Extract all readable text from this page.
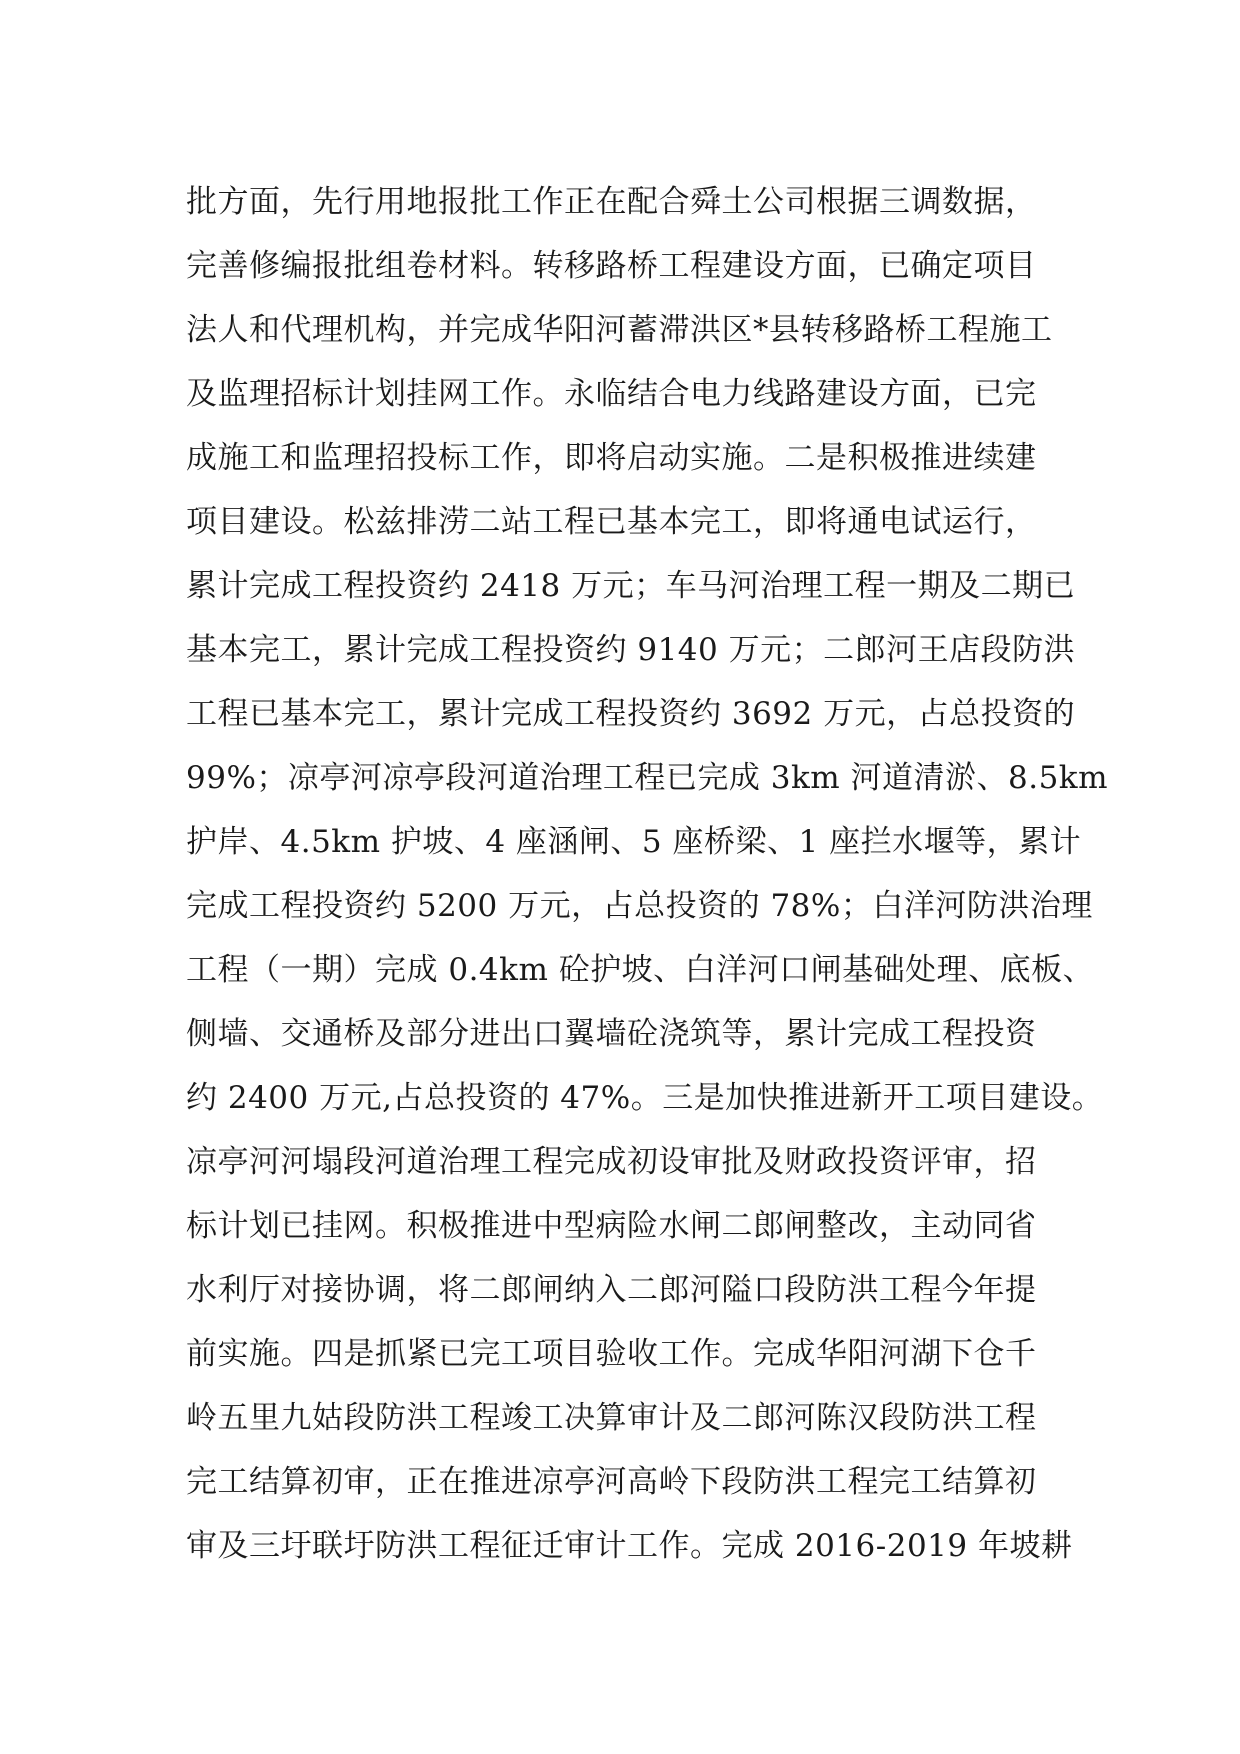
批方面，先行用地报批工作正在配合舜土公司根据三调数据，
完善修编报批组卷材料。转移路桥工程建设方面，已确定项目
法人和代理机构，并完成华阳河蓄滞洪区*县转移路桥工程施工
及监理招标计划挂网工作。永临结合电力线路建设方面，已完
成施工和监理招投标工作，即将启动实施。二是积极推进续建
项目建设。松兹排涝二站工程已基本完工，即将通电试运行，
累计完成工程投资约 2418 万元；车马河治理工程一期及二期已
基本完工，累计完成工程投资约 9140 万元；二郎河王店段防洪
工程已基本完工，累计完成工程投资约 3692 万元，占总投资的
99%；凉亭河凉亭段河道治理工程已完成 3km 河道清淤、8.5km
护岸、4.5km 护坡、4 座涵闸、5 座桥梁、1 座拦水堰等，累计
完成工程投资约 5200 万元，占总投资的 78%；白洋河防洪治理
工程（一期）完成 0.4km 砼护坡、白洋河口闸基础处理、底板、
侧墙、交通桥及部分进出口翼墙砼浇筑等，累计完成工程投资
约 2400 万元,占总投资的 47%。三是加快推进新开工项目建设。
凉亭河河塌段河道治理工程完成初设审批及财政投资评审，招
标计划已挂网。积极推进中型病险水闸二郎闸整改，主动同省
水利厅对接协调，将二郎闸纳入二郎河隘口段防洪工程今年提
前实施。四是抓紧已完工项目验收工作。完成华阳河湖下仓千
岭五里九姑段防洪工程竣工决算审计及二郎河陈汉段防洪工程
完工结算初审，正在推进凉亭河高岭下段防洪工程完工结算初
审及三圩联圩防洪工程征迁审计工作。完成 2016-2019 年坡耕
